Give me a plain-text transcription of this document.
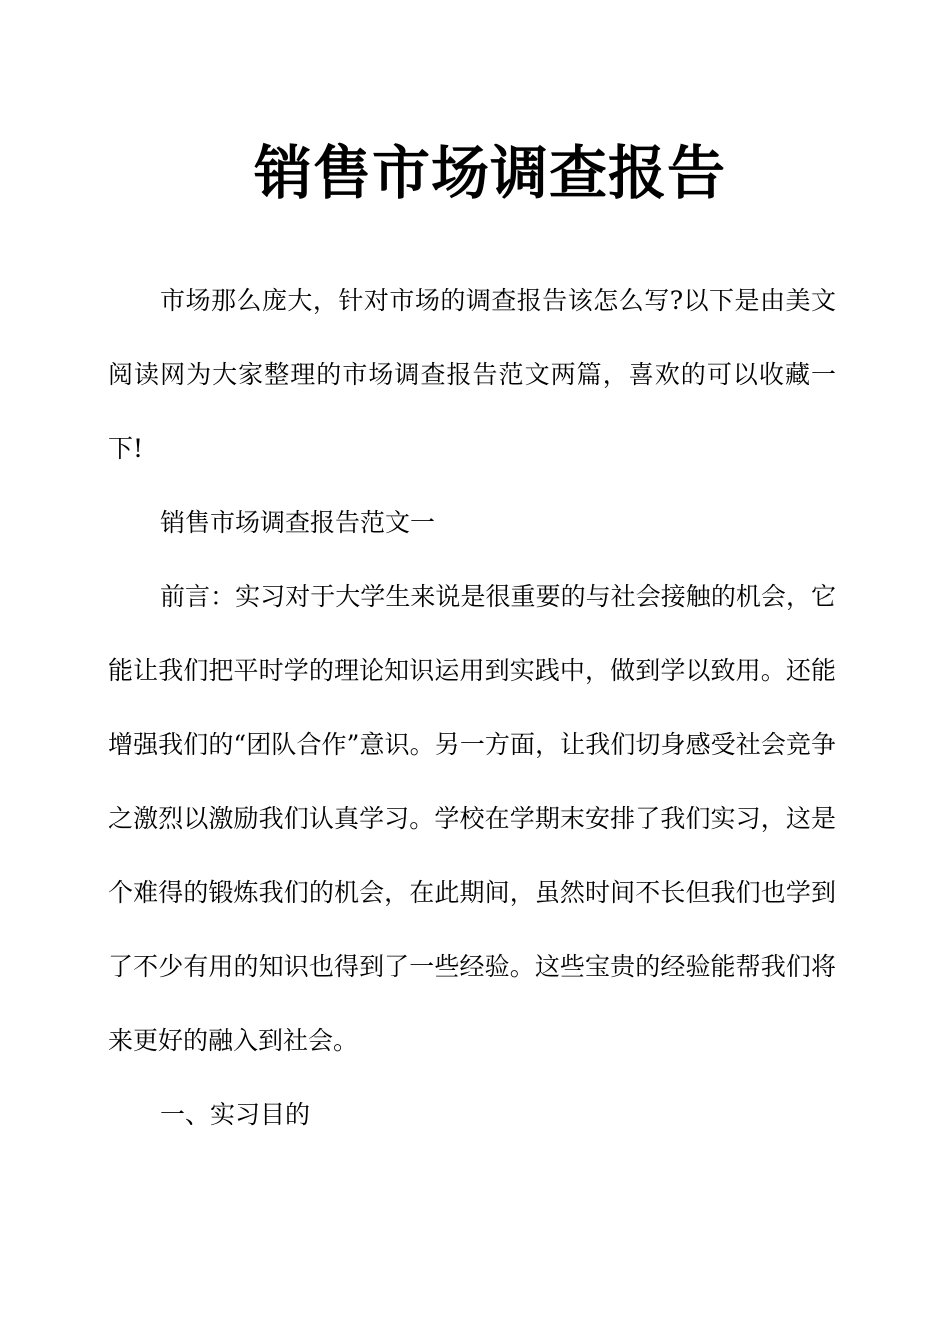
销售市场调查报告

市场那么庞大，针对市场的调查报告该怎么写?以下是由美文阅读网为大家整理的市场调查报告范文两篇，喜欢的可以收藏一下!

销售市场调查报告范文一

前言：实习对于大学生来说是很重要的与社会接触的机会，它能让我们把平时学的理论知识运用到实践中，做到学以致用。还能增强我们的“团队合作”意识。另一方面，让我们切身感受社会竞争之激烈以激励我们认真学习。学校在学期末安排了我们实习，这是个难得的锻炼我们的机会，在此期间，虽然时间不长但我们也学到了不少有用的知识也得到了一些经验。这些宝贵的经验能帮我们将来更好的融入到社会。

一、实习目的
